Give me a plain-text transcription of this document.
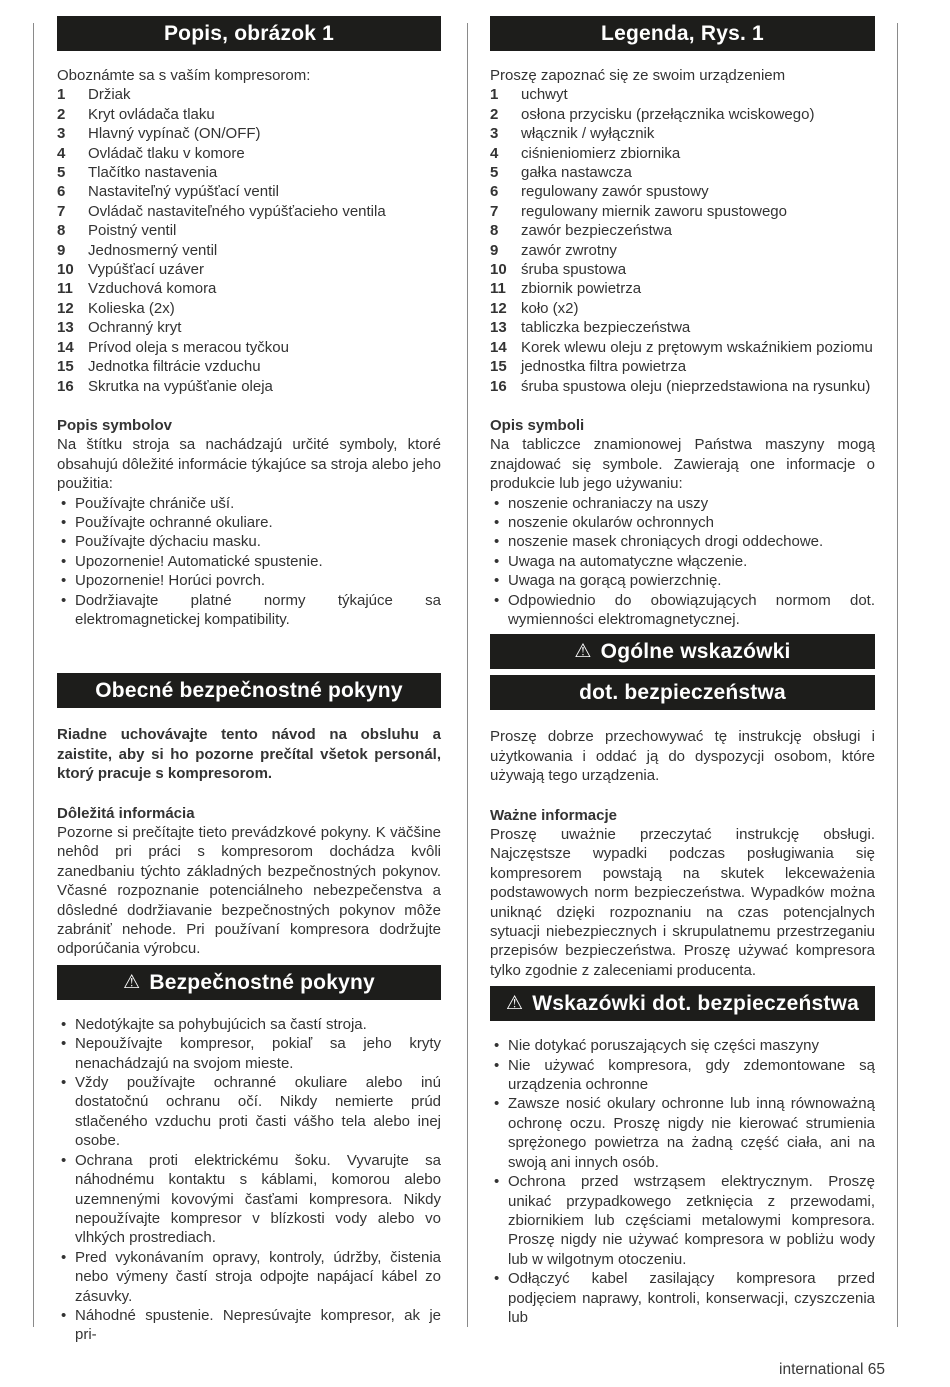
Popis, obrázok 1
Oboznámte sa s vaším kompresorom:
1	Držiak
2	Kryt ovládača tlaku
3	Hlavný vypínač (ON/OFF)
4	Ovládač tlaku v komore
5	Tlačítko nastavenia
6	Nastaviteľný vypúšťací ventil
7	Ovládač nastaviteľného vypúšťacieho ventila
8	Poistný ventil
9	Jednosmerný ventil
10 Vypúšťací uzáver
11	Vzduchová komora
12 Kolieska (2x)
13 Ochranný kryt
14 Prívod oleja s meracou tyčkou
15 Jednotka filtrácie vzduchu
16 Skrutka na vypúšťanie oleja
Popis symbolov
Na štítku stroja sa nachádzajú určité symboly, ktoré obsahujú dôležité informácie týkajúce sa stroja alebo jeho použitia:
• Používajte chrániče uší.
• Používajte ochranné okuliare.
• Používajte dýchaciu masku.
• Upozornenie! Automatické spustenie.
• Upozornenie! Horúci povrch.
• Dodržiavajte platné normy týkajúce sa elektromagnetickej kompatibility.
Obecné bezpečnostné pokyny
Riadne uchovávajte tento návod na obsluhu a zaistite, aby si ho pozorne prečítal všetok personál, ktorý pracuje s kompresorom.
Dôležitá informácia
Pozorne si prečítajte tieto prevádzkové pokyny. K väčšine nehôd pri práci s kompresorom dochádza kvôli zanedbaniu týchto základných bezpečnostných pokynov. Včasné rozpoznanie potenciálneho nebezpečenstva a dôsledné dodržiavanie bezpečnostných pokynov môže zabrániť nehode. Pri používaní kompresora dodržujte odporúčania výrobcu.
⚠ Bezpečnostné pokyny
• Nedotýkajte sa pohybujúcich sa častí stroja.
• Nepoužívajte kompresor, pokiaľ sa jeho kryty nenachádzajú na svojom mieste.
• Vždy používajte ochranné okuliare alebo inú dostatočnú ochranu očí. Nikdy nemierte prúd stlačeného vzduchu proti časti vášho tela alebo inej osobe.
• Ochrana proti elektrickému šoku. Vyvarujte sa náhodnému kontaktu s káblami, komorou alebo uzemnenými kovovými časťami kompresora. Nikdy nepoužívajte kompresor v blízkosti vody alebo vo vlhkých prostrediach.
• Pred vykonávaním opravy, kontroly, údržby, čistenia nebo výmeny častí stroja odpojte napájací kábel zo zásuvky.
• Náhodné spustenie. Nepresúvajte kompresor, ak je pri-
Legenda, Rys. 1
Proszę zapoznać się ze swoim urządzeniem
1	uchwyt
2	osłona przycisku (przełącznika wciskowego)
3	włącznik / wyłącznik
4	ciśnieniomierz zbiornika
5	gałka nastawcza
6	regulowany zawór spustowy
7	regulowany miernik zaworu spustowego
8	zawór bezpieczeństwa
9	zawór zwrotny
10 śruba spustowa
11	zbiornik powietrza
12 koło (x2)
13 tabliczka bezpieczeństwa
14 Korek wlewu oleju z prętowym wskaźnikiem poziomu
15 jednostka filtra powietrza
16 śruba spustowa oleju (nieprzedstawiona na rysunku)
Opis symboli
Na tabliczce znamionowej Państwa maszyny mogą znajdować się symbole. Zawierają one informacje o produkcie lub jego używaniu:
• noszenie ochraniaczy na uszy
• noszenie okularów ochronnych
• noszenie masek chroniących drogi oddechowe.
• Uwaga na automatyczne włączenie.
• Uwaga na gorącą powierzchnię.
• Odpowiednio do obowiązujących normom dot. wymienności elektromagnetycznej.
⚠ Ogólne wskazówki
dot. bezpieczeństwa
Proszę dobrze przechowywać tę instrukcję obsługi i użytkowania i oddać ją do dyspozycji osobom, które używają tego urządzenia.
Ważne informacje
Proszę uważnie przeczytać instrukcję obsługi. Najczęstsze wypadki podczas posługiwania się kompresorem powstają na skutek lekceważenia podstawowych norm bezpieczeństwa. Wypadków można uniknąć dzięki rozpoznaniu na czas potencjalnych sytuacji niebezpiecznych i skrupulatnemu przestrzeganiu przepisów bezpieczeństwa. Proszę używać kompresora tylko zgodnie z zaleceniami producenta.
⚠ Wskazówki dot. bezpieczeństwa
• Nie dotykać poruszających się części maszyny
• Nie używać kompresora, gdy zdemontowane są urządzenia ochronne
• Zawsze nosić okulary ochronne lub inną równoważną ochronę oczu. Proszę nigdy nie kierować strumienia sprężonego powietrza na żadną część ciała, ani na swoją ani innych osób.
• Ochrona przed wstrząsem elektrycznym. Proszę unikać przypadkowego zetknięcia z przewodami, zbiornikiem lub częściami metalowymi kompresora. Proszę nigdy nie używać kompresora w pobliżu wody lub w wilgotnym otoczeniu.
• Odłączyć kabel zasilający kompresora przed podjęciem naprawy, kontroli, konserwacji, czyszczenia lub
international 65
